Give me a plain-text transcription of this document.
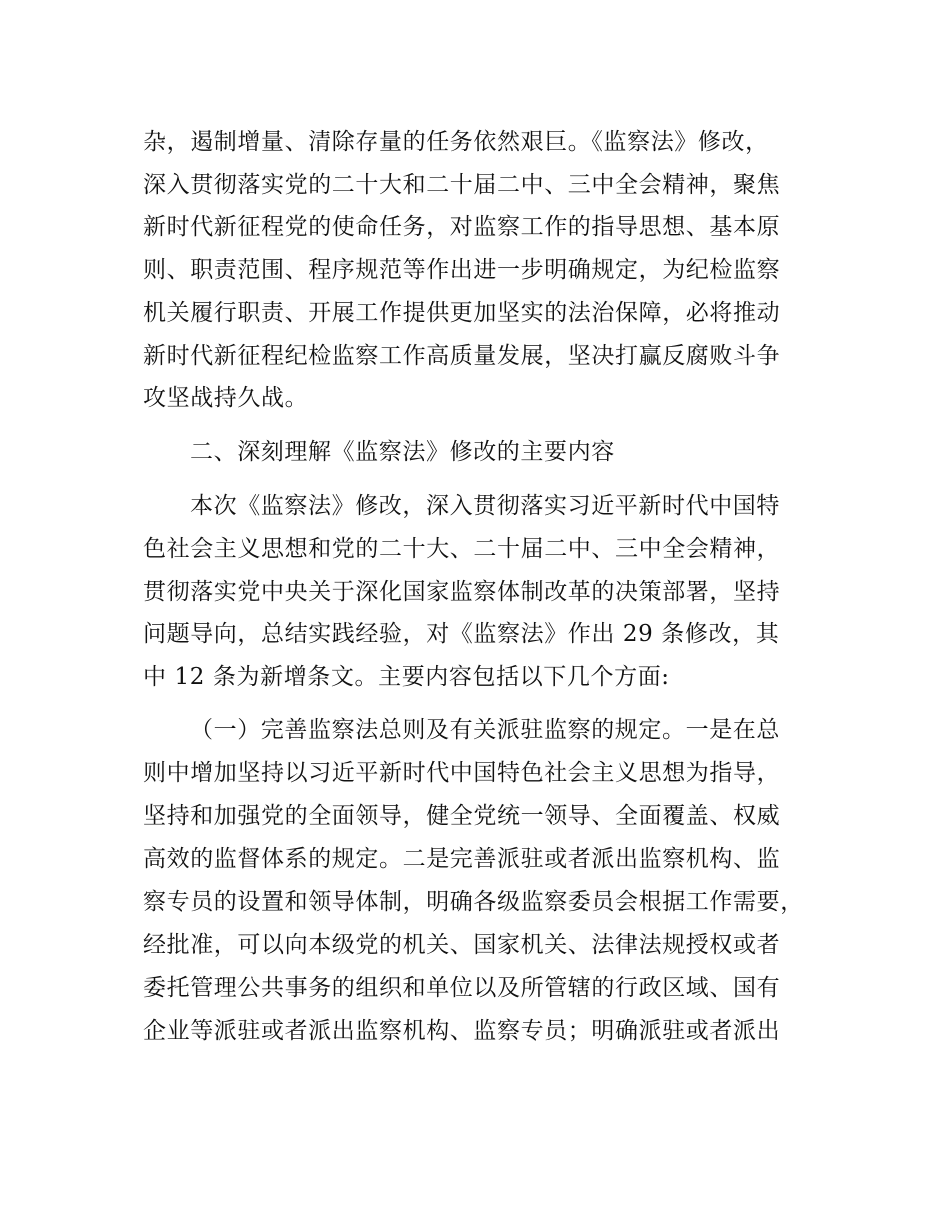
杂，遏制增量、清除存量的任务依然艰巨。《监察法》修改，
深入贯彻落实党的二十大和二十届二中、三中全会精神，聚焦
新时代新征程党的使命任务，对监察工作的指导思想、基本原
则、职责范围、程序规范等作出进一步明确规定，为纪检监察
机关履行职责、开展工作提供更加坚实的法治保障，必将推动
新时代新征程纪检监察工作高质量发展，坚决打赢反腐败斗争
攻坚战持久战。
二、深刻理解《监察法》修改的主要内容
本次《监察法》修改，深入贯彻落实习近平新时代中国特
色社会主义思想和党的二十大、二十届二中、三中全会精神，
贯彻落实党中央关于深化国家监察体制改革的决策部署，坚持
问题导向，总结实践经验，对《监察法》作出 29 条修改，其
中 12 条为新增条文。主要内容包括以下几个方面:
（一）完善监察法总则及有关派驻监察的规定。一是在总
则中增加坚持以习近平新时代中国特色社会主义思想为指导，
坚持和加强党的全面领导，健全党统一领导、全面覆盖、权威
高效的监督体系的规定。二是完善派驻或者派出监察机构、监
察专员的设置和领导体制，明确各级监察委员会根据工作需要，
经批准，可以向本级党的机关、国家机关、法律法规授权或者
委托管理公共事务的组织和单位以及所管辖的行政区域、国有
企业等派驻或者派出监察机构、监察专员；明确派驻或者派出
